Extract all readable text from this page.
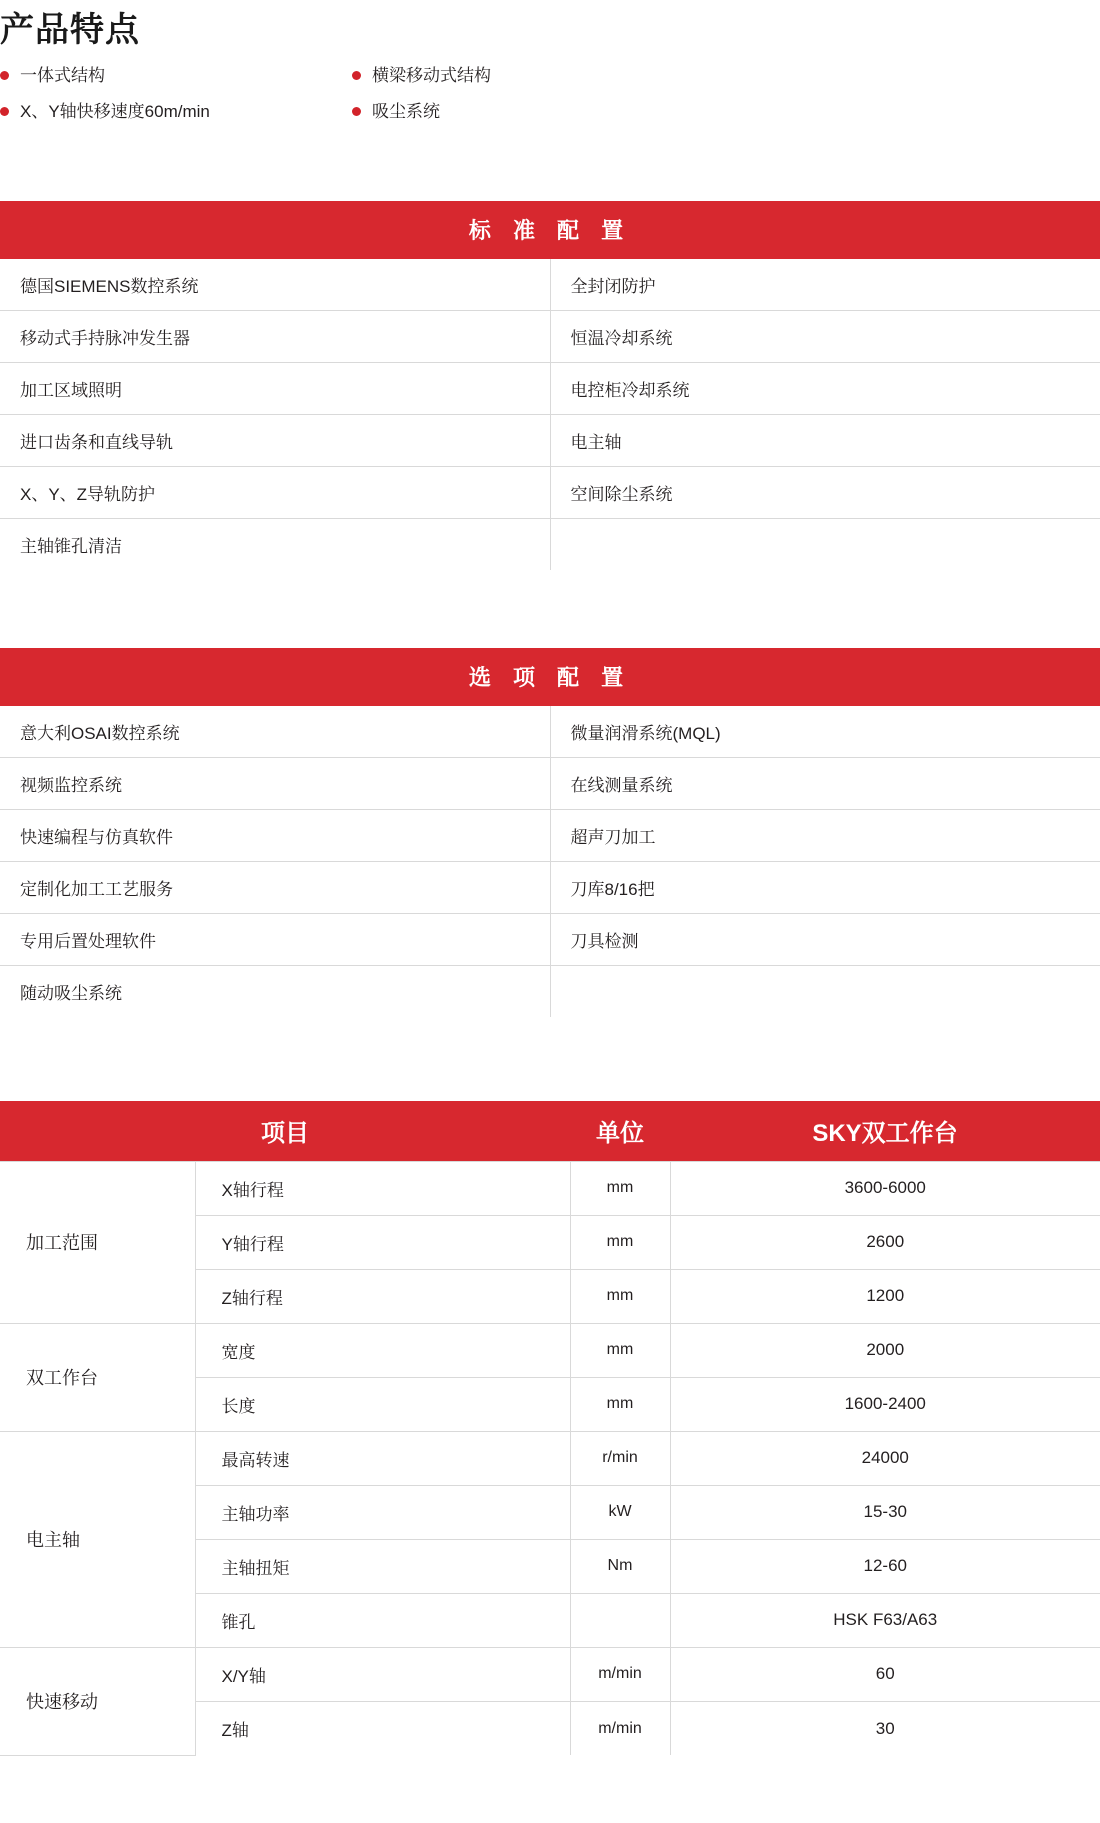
产品特点
一体式结构	横梁移动式结构
X、Y轴快移速度60m/min	吸尘系统
标 准 配 置	
德国SIEMENS数控系统	全封闭防护
移动式手持脉冲发生器	恒温冷却系统
加工区域照明	电控柜冷却系统
进口齿条和直线导轨	电主轴
X、Y、Z导轨防护	空间除尘系统
主轴锥孔清洁	
选 项 配 置	
意大利OSAI数控系统	微量润滑系统(MQL)
视频监控系统	在线测量系统
快速编程与仿真软件	超声刀加工
定制化加工工艺服务	刀库8/16把
专用后置处理软件	刀具检测
随动吸尘系统	
项目		单位	SKY双工作台
加工范围	X轴行程	mm	3600-6000
	Y轴行程	mm	2600
	Z轴行程	mm	1200
双工作台	宽度	mm	2000
	长度	mm	1600-2400
电主轴	最高转速	r/min	24000
	主轴功率	kW	15-30
	主轴扭矩	Nm	12-60
	锥孔		HSK F63/A63
快速移动	X/Y轴	m/min	60
	Z轴	m/min	30
